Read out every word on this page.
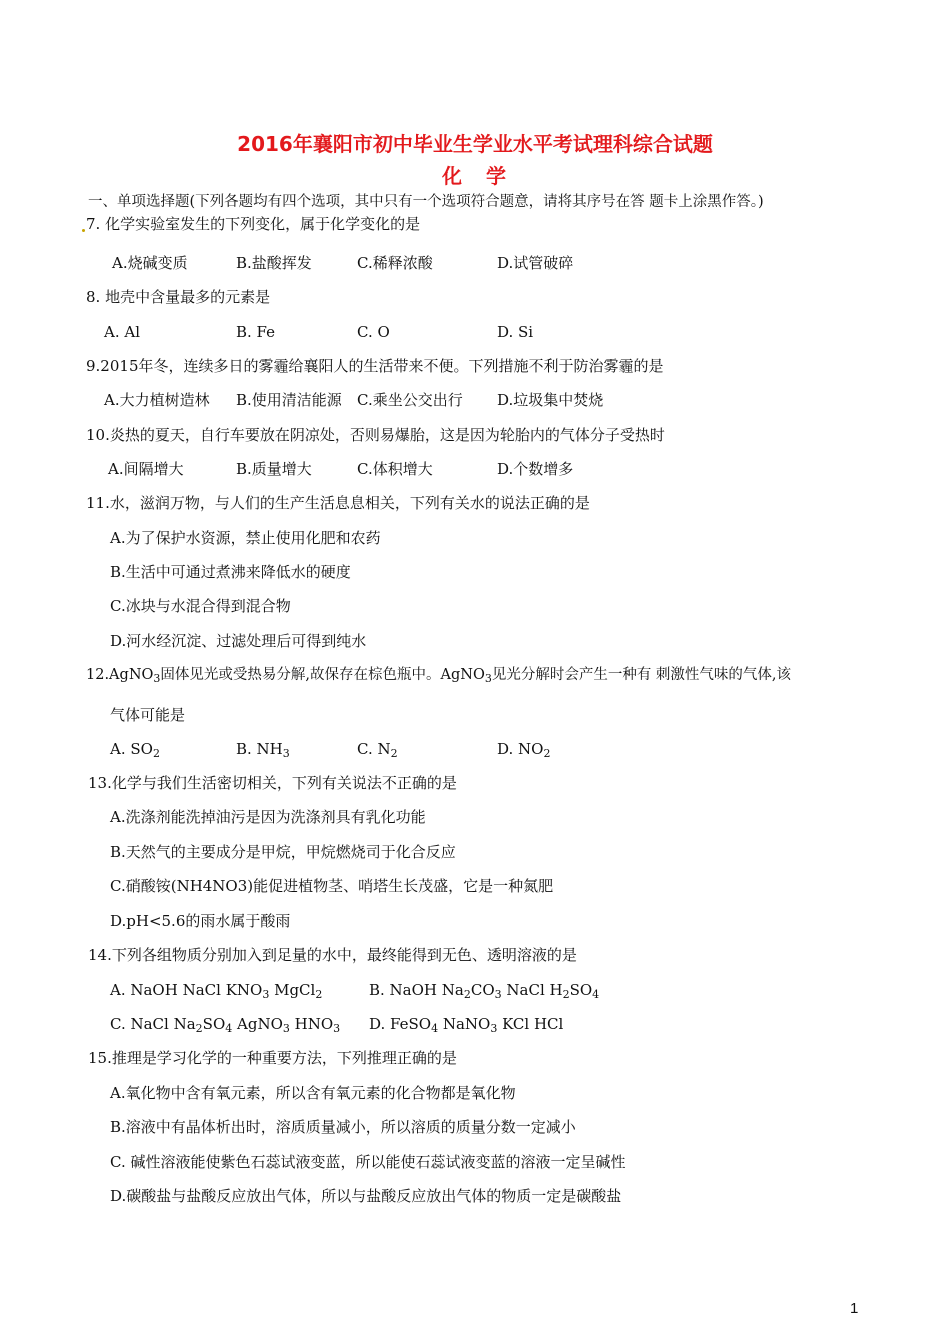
2016年襄阳市初中毕业生学业水平考试理科综合试题
化　学
一、单项选择题(下列各题均有四个选项，其中只有一个选项符合题意，请将其序号在答 题卡上涂黑作答。)
7. 化学实验室发生的下列变化，属于化学变化的是
A.烧碱变质	B.盐酸挥发	C.稀释浓酸	D.试管破碎
8. 地壳中含量最多的元素是
A. Al	B. Fe	C. O	D. Si
9.2015年冬，连续多日的雾霾给襄阳人的生活带来不便。下列措施不利于防治雾霾的是
A.大力植树造林 B.使用清洁能源 C.乘坐公交出行 D.垃圾集中焚烧
10.炎热的夏天，自行车要放在阴凉处，否则易爆胎，这是因为轮胎内的气体分子受热时
A.间隔增大	B.质量增大	C.体积增大	D.个数增多
11.水，滋润万物，与人们的生产生活息息相关，下列有关水的说法正确的是
A.为了保护水资源，禁止使用化肥和农药
B.生活中可通过煮沸来降低水的硬度
C.冰块与水混合得到混合物
D.河水经沉淀、过滤处理后可得到纯水
12.AgNO$_3$固体见光或受热易分解,故保存在棕色瓶中。AgNO$_3$见光分解时会产生一种有 刺激性气味的气体,该
气体可能是
A. $SO_2$	B. $NH_3$	C. $N_2$	D. $NO_2$
13.化学与我们生活密切相关，下列有关说法不正确的是
A.洗涤剂能洗掉油污是因为洗涤剂具有乳化功能
B.天然气的主要成分是甲烷，甲烷燃烧司于化合反应
C.硝酸铵(NH4NO3)能促进植物茎、哨塔生长茂盛，它是一种氮肥
D.pH<5.6的雨水属于酸雨
14.下列各组物质分别加入到足量的水中，最终能得到无色、透明溶液的是
A. NaOH NaCl $KNO_3$ MgCl$_2$	B. NaOH $Na_2CO_3$ NaCl $H_2SO_4$
C. NaCl $Na_2SO_4$ AgNO$_3$ $HNO_3$ D. FeSO$_4$ NaNO$_3$ KCl HCl
15.推理是学习化学的一种重要方法，下列推理正确的是
A.氧化物中含有氧元素，所以含有氧元素的化合物都是氧化物
B.溶液中有晶体析出时，溶质质量减小，所以溶质的质量分数一定减小
C. 碱性溶液能使紫色石蕊试液变蓝，所以能使石蕊试液变蓝的溶液一定呈碱性
D.碳酸盐与盐酸反应放出气体，所以与盐酸反应放出气体的物质一定是碳酸盐
1
